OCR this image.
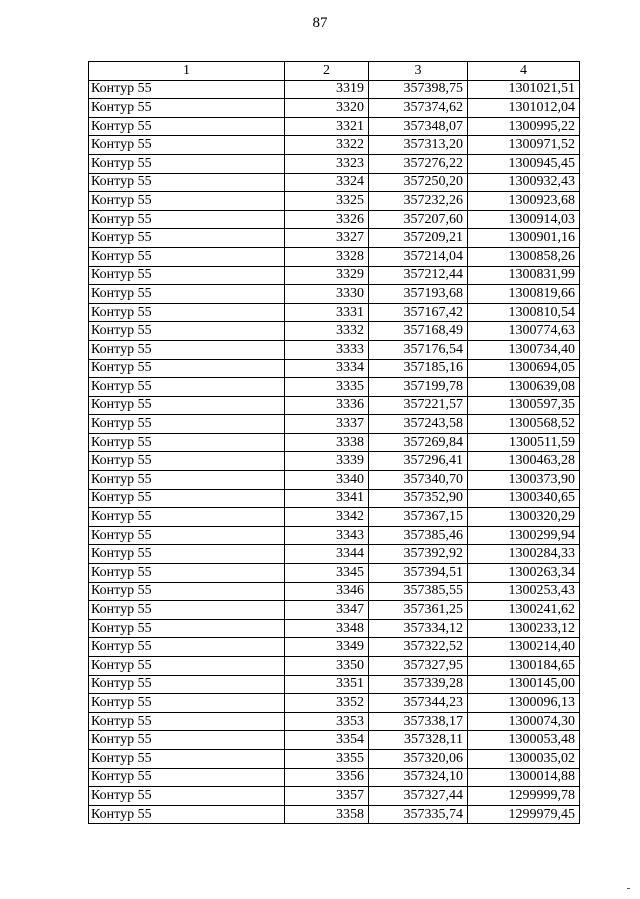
87
1	2	3	4
Контур 55	3319	357398,75	1301021,51
Контур 55	3320	357374,62	1301012,04
Контур 55	3321	357348,07	1300995,22
Контур 55	3322	357313,20	1300971,52
Контур 55	3323	357276,22	1300945,45
Контур 55	3324	357250,20	1300932,43
Контур 55	3325	357232,26	1300923,68
Контур 55	3326	357207,60	1300914,03
Контур 55	3327	357209,21	1300901,16
Контур 55	3328	357214,04	1300858,26
Контур 55	3329	357212,44	1300831,99
Контур 55	3330	357193,68	1300819,66
Контур 55	3331	357167,42	1300810,54
Контур 55	3332	357168,49	1300774,63
Контур 55	3333	357176,54	1300734,40
Контур 55	3334	357185,16	1300694,05
Контур 55	3335	357199,78	1300639,08
Контур 55	3336	357221,57	1300597,35
Контур 55	3337	357243,58	1300568,52
Контур 55	3338	357269,84	1300511,59
Контур 55	3339	357296,41	1300463,28
Контур 55	3340	357340,70	1300373,90
Контур 55	3341	357352,90	1300340,65
Контур 55	3342	357367,15	1300320,29
Контур 55	3343	357385,46	1300299,94
Контур 55	3344	357392,92	1300284,33
Контур 55	3345	357394,51	1300263,34
Контур 55	3346	357385,55	1300253,43
Контур 55	3347	357361,25	1300241,62
Контур 55	3348	357334,12	1300233,12
Контур 55	3349	357322,52	1300214,40
Контур 55	3350	357327,95	1300184,65
Контур 55	3351	357339,28	1300145,00
Контур 55	3352	357344,23	1300096,13
Контур 55	3353	357338,17	1300074,30
Контур 55	3354	357328,11	1300053,48
Контур 55	3355	357320,06	1300035,02
Контур 55	3356	357324,10	1300014,88
Контур 55	3357	357327,44	1299999,78
Контур 55	3358	357335,74	1299979,45
